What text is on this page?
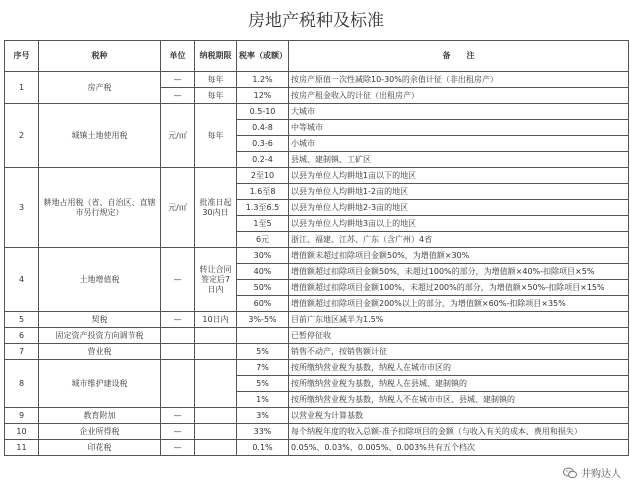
房地产税种及标准
序号	税种	单位	纳税期限	税率（或额）	备　　注
1	房产税	—	每年	1.2%	按房产原值一次性减除10-30%的余值计征（非出租房产）
		—	每年	12%	按房产租金收入的计征（出租房产）
2	城镇土地使用税	元/㎡	每年	0.5-10	大城市
				0.4-8	中等城市
				0.3-6	小城市
				0.2-4	县城、建制镇、工矿区
3	耕地占用税（省、自治区、直辖市另行规定）	元/㎡	批准日起30内日	2至10	以县为单位人均耕地1亩以下的地区
				1.6至8	以县为单位人均耕地1-2亩的地区
				1.3至6.5	以县为单位人均耕地2-3亩的地区
				1至5	以县为单位人均耕地3亩以上的地区
				6元	浙江、福建、江苏、广东（含广州）4省
4	土地增值税	—	转让合同签定后7日内	30%	增值额未超过扣除项目金额50%，为增值额×30%
				40%	增值额超过扣除项目金额50%，未超过100%的部分，为增值额×40%-扣除项目×5%
				50%	增值额超过扣除项目金额100%，未超过200%的部分，为增值额×50%-扣除项目×15%
				60%	增值额超过扣除项目金额200%以上的部分，为增值额×60%-扣除项目×35%
5	契税	—	10日内	3%-5%	目前广东地区减半为1.5%
6	固定资产投资方向调节税				已暂停征收
7	营业税			5%	销售不动产，按销售额计征
8	城市维护建设税			7%	按所缴纳营业税为基数，纳税人在城市市区的
				5%	按所缴纳营业税为基数，纳税人在县城、建制镇的
				1%	按所缴纳营业税为基数，纳税人不在城市市区、县城、建制镇的
9	教育附加	—		3%	以营业税为计算基数
10	企业所得税	—		33%	每个纳税年度的收入总额-准予扣除项目的金额（与收入有关的成本、费用和损失）
11	印花税	—		0.1%	0.05%、0.03%、0.005%、0.003%共有五个档次
井购达人
